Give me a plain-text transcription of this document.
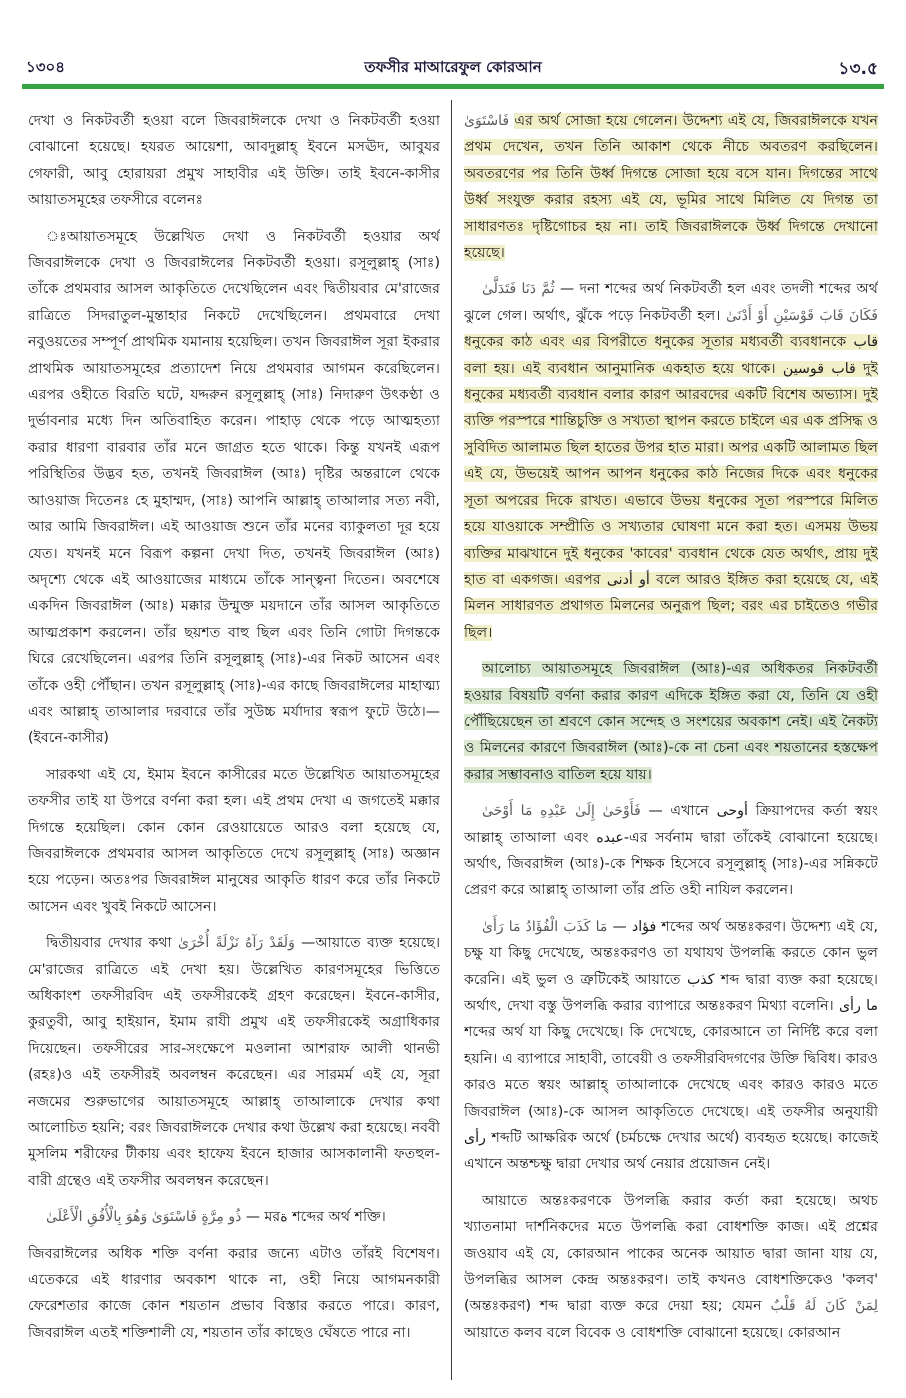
১৩০৪	তফসীর মাআরেফুল কোরআন	১৩.৫

দেখা ও নিকটবর্তী হওয়া বলে জিবরাঈলকে দেখা ও নিকটবর্তী হওয়া বোঝানো হয়েছে। হযরত আয়েশা, আবদুল্লাহ্ ইবনে মসঊদ, আবুযর গেফারী, আবু হোরায়রা প্রমুখ সাহাবীর এই উক্তি। তাই ইবনে-কাসীর আয়াতসমূহের তফসীরে বলেনঃ

ঃআয়াতসমূহে উল্লেখিত দেখা ও নিকটবর্তী হওয়ার অর্থ জিবরাঈলকে দেখা ও জিবরাঈলের নিকটবর্তী হওয়া। রসূলুল্লাহ্ (সাঃ) তাঁকে প্রথমবার আসল আকৃতিতে দেখেছিলেন এবং দ্বিতীয়বার মে'রাজের রাত্রিতে সিদরাতুল-মুন্তাহার নিকটে দেখেছিলেন। প্রথমবারে দেখা নবুওয়তের সম্পূর্ণ প্রাথমিক যমানায় হয়েছিল। তখন জিবরাঈল সূরা ইকরার প্রাথমিক আয়াতসমূহের প্রত্যাদেশ নিয়ে প্রথমবার আগমন করেছিলেন। এরপর ওহীতে বিরতি ঘটে, যদ্দরুন রসূলুল্লাহ্ (সাঃ) নিদারুণ উৎকণ্ঠা ও দুর্ভাবনার মধ্যে দিন অতিবাহিত করেন। পাহাড় থেকে পড়ে আত্মহত্যা করার ধারণা বারবার তাঁর মনে জাগ্রত হতে থাকে। কিন্তু যখনই এরূপ পরিস্থিতির উদ্ভব হত, তখনই জিবরাঈল (আঃ) দৃষ্টির অন্তরালে থেকে আওয়াজ দিতেনঃ হে মুহাম্মদ, (সাঃ) আপনি আল্লাহ্ তাআলার সত্য নবী, আর আমি জিবরাঈল। এই আওয়াজ শুনে তাঁর মনের ব্যাকুলতা দূর হয়ে যেত। যখনই মনে বিরূপ কল্পনা দেখা দিত, তখনই জিবরাঈল (আঃ) অদৃশ্যে থেকে এই আওয়াজের মাধ্যমে তাঁকে সান্ত্বনা দিতেন। অবশেষে একদিন জিবরাঈল (আঃ) মক্কার উন্মুক্ত ময়দানে তাঁর আসল আকৃতিতে আত্মপ্রকাশ করলেন। তাঁর ছয়শত বাহু ছিল এবং তিনি গোটা দিগন্তকে ঘিরে রেখেছিলেন। এরপর তিনি রসূলুল্লাহ্ (সাঃ)-এর নিকট আসেন এবং তাঁকে ওহী পৌঁছান। তখন রসূলুল্লাহ্ (সাঃ)-এর কাছে জিবরাঈলের মাহাত্ম্য এবং আল্লাহ্ তাআলার দরবারে তাঁর সুউচ্চ মর্যাদার স্বরূপ ফুটে উঠে।—(ইবনে-কাসীর)

সারকথা এই যে, ইমাম ইবনে কাসীরের মতে উল্লেখিত আয়াতসমূহের তফসীর তাই যা উপরে বর্ণনা করা হল। এই প্রথম দেখা এ জগতেই মক্কার দিগন্তে হয়েছিল। কোন কোন রেওয়ায়েতে আরও বলা হয়েছে যে, জিবরাঈলকে প্রথমবার আসল আকৃতিতে দেখে রসূলুল্লাহ্ (সাঃ) অজ্ঞান হয়ে পড়েন। অতঃপর জিবরাঈল মানুষের আকৃতি ধারণ করে তাঁর নিকটে আসেন এবং খুবই নিকটে আসেন।

দ্বিতীয়বার দেখার কথা وَلَقَدْ رَآهُ نَزْلَةً أُخْرَىٰ —আয়াতে ব্যক্ত হয়েছে। মে'রাজের রাত্রিতে এই দেখা হয়। উল্লেখিত কারণসমূহের ভিত্তিতে অধিকাংশ তফসীরবিদ এই তফসীরকেই গ্রহণ করেছেন। ইবনে-কাসীর, কুরতুবী, আবু হাইয়ান, ইমাম রাযী প্রমুখ এই তফসীরকেই অগ্রাধিকার দিয়েছেন। তফসীরের সার-সংক্ষেপে মওলানা আশরাফ আলী থানভী (রহঃ)ও এই তফসীরই অবলম্বন করেছেন। এর সারমর্ম এই যে, সূরা নজমের শুরুভাগের আয়াতসমূহে আল্লাহ্ তাআলাকে দেখার কথা আলোচিত হয়নি; বরং জিবরাঈলকে দেখার কথা উল্লেখ করা হয়েছে। নববী মুসলিম শরীফের টীকায় এবং হাফেয ইবনে হাজার আসকালানী ফতহুল-বারী গ্রন্থেও এই তফসীর অবলম্বন করেছেন।

ذُو مِرَّةٍ فَاسْتَوَىٰ وَهُوَ بِالْأُفُقِ الْأَعْلَىٰ — মরة শব্দের অর্থ শক্তি।

জিবরাঈলের অধিক শক্তি বর্ণনা করার জন্যে এটাও তাঁরই বিশেষণ। এতেকরে এই ধারণার অবকাশ থাকে না, ওহী নিয়ে আগমনকারী ফেরেশতার কাজে কোন শয়তান প্রভাব বিস্তার করতে পারে। কারণ, জিবরাঈল এতই শক্তিশালী যে, শয়তান তাঁর কাছেও ঘেঁষতে পারে না।

فَاسْتَوَىٰ এর অর্থ সোজা হয়ে গেলেন। উদ্দেশ্য এই যে, জিবরাঈলকে যখন প্রথম দেখেন, তখন তিনি আকাশ থেকে নীচে অবতরণ করছিলেন। অবতরণের পর তিনি উর্ধ্ব দিগন্তে সোজা হয়ে বসে যান। দিগন্তের সাথে উর্ধ্ব সংযুক্ত করার রহস্য এই যে, ভূমির সাথে মিলিত যে দিগন্ত তা সাধারণতঃ দৃষ্টিগোচর হয় না। তাই জিবরাঈলকে উর্ধ্ব দিগন্তে দেখানো হয়েছে।

ثُمَّ دَنَا فَتَدَلَّىٰ — দনা শব্দের অর্থ নিকটবর্তী হল এবং তদলী শব্দের অর্থ ঝুলে গেল। অর্থাৎ, ঝুঁকে পড়ে নিকটবর্তী হল। فَكَانَ قَابَ قَوْسَيْنِ أَوْ أَدْنَىٰ ধনুকের কাঠ এবং এর বিপরীতে ধনুকের সূতার মধ্যবর্তী ব্যবধানকে قاب বলা হয়। এই ব্যবধান আনুমানিক একহাত হয়ে থাকে। قاب قوسين দুই ধনুকের মধ্যবর্তী ব্যবধান বলার কারণ আরবদের একটি বিশেষ অভ্যাস। দুই ব্যক্তি পরস্পরে শান্তিচুক্তি ও সখ্যতা স্থাপন করতে চাইলে এর এক প্রসিদ্ধ ও সুবিদিত আলামত ছিল হাতের উপর হাত মারা। অপর একটি আলামত ছিল এই যে, উভয়েই আপন আপন ধনুকের কাঠ নিজের দিকে এবং ধনুকের সূতা অপরের দিকে রাখত। এভাবে উভয় ধনুকের সূতা পরস্পরে মিলিত হয়ে যাওয়াকে সম্প্রীতি ও সখ্যতার ঘোষণা মনে করা হত। এসময় উভয় ব্যক্তির মাঝখানে দুই ধনুকের 'কাবের' ব্যবধান থেকে যেত অর্থাৎ, প্রায় দুই হাত বা একগজ। এরপর أو أدنى বলে আরও ইঙ্গিত করা হয়েছে যে, এই মিলন সাধারণত প্রথাগত মিলনের অনুরূপ ছিল; বরং এর চাইতেও গভীর ছিল।

আলোচ্য আয়াতসমূহে জিবরাঈল (আঃ)-এর অধিকতর নিকটবর্তী হওয়ার বিষয়টি বর্ণনা করার কারণ এদিকে ইঙ্গিত করা যে, তিনি যে ওহী পৌঁছিয়েছেন তা শ্রবণে কোন সন্দেহ ও সংশয়ের অবকাশ নেই। এই নৈকট্য ও মিলনের কারণে জিবরাঈল (আঃ)-কে না চেনা এবং শয়তানের হস্তক্ষেপ করার সম্ভাবনাও বাতিল হয়ে যায়।

فَأَوْحَىٰ إِلَىٰ عَبْدِهِ مَا أَوْحَىٰ — এখানে أوحى ক্রিয়াপদের কর্তা স্বয়ং আল্লাহ্ তাআলা এবং عبده-এর সর্বনাম দ্বারা তাঁকেই বোঝানো হয়েছে। অর্থাৎ, জিবরাঈল (আঃ)-কে শিক্ষক হিসেবে রসূলুল্লাহ্ (সাঃ)-এর সন্নিকটে প্রেরণ করে আল্লাহ্ তাআলা তাঁর প্রতি ওহী নাযিল করলেন।

مَا كَذَبَ الْفُؤَادُ مَا رَأَىٰ — فؤاد শব্দের অর্থ অন্তঃকরণ। উদ্দেশ্য এই যে, চক্ষু যা কিছু দেখেছে, অন্তঃকরণও তা যথাযথ উপলব্ধি করতে কোন ভুল করেনি। এই ভুল ও ত্রুটিকেই আয়াতে كذب শব্দ দ্বারা ব্যক্ত করা হয়েছে। অর্থাৎ, দেখা বস্তু উপলব্ধি করার ব্যাপারে অন্তঃকরণ মিথ্যা বলেনি। ما رأى শব্দের অর্থ যা কিছু দেখেছে। কি দেখেছে, কোরআনে তা নির্দিষ্ট করে বলা হয়নি। এ ব্যাপারে সাহাবী, তাবেয়ী ও তফসীরবিদগণের উক্তি দ্বিবিধ। কারও কারও মতে স্বয়ং আল্লাহ্ তাআলাকে দেখেছে এবং কারও কারও মতে জিবরাঈল (আঃ)-কে আসল আকৃতিতে দেখেছে। এই তফসীর অনুযায়ী رأى শব্দটি আক্ষরিক অর্থে (চর্মচক্ষে দেখার অর্থে) ব্যবহৃত হয়েছে। কাজেই এখানে অন্তশ্চক্ষু দ্বারা দেখার অর্থ নেয়ার প্রয়োজন নেই।

আয়াতে অন্তঃকরণকে উপলব্ধি করার কর্তা করা হয়েছে। অথচ খ্যাতনামা দার্শনিকদের মতে উপলব্ধি করা বোধশক্তি কাজ। এই প্রশ্নের জওয়াব এই যে, কোরআন পাকের অনেক আয়াত দ্বারা জানা যায় যে, উপলব্ধির আসল কেন্দ্র অন্তঃকরণ। তাই কখনও বোধশক্তিকেও 'কলব' (অন্তঃকরণ) শব্দ দ্বারা ব্যক্ত করে দেয়া হয়; যেমন لِمَنْ كَانَ لَهُ قَلْبٌ আয়াতে কলব বলে বিবেক ও বোধশক্তি বোঝানো হয়েছে। কোরআন
